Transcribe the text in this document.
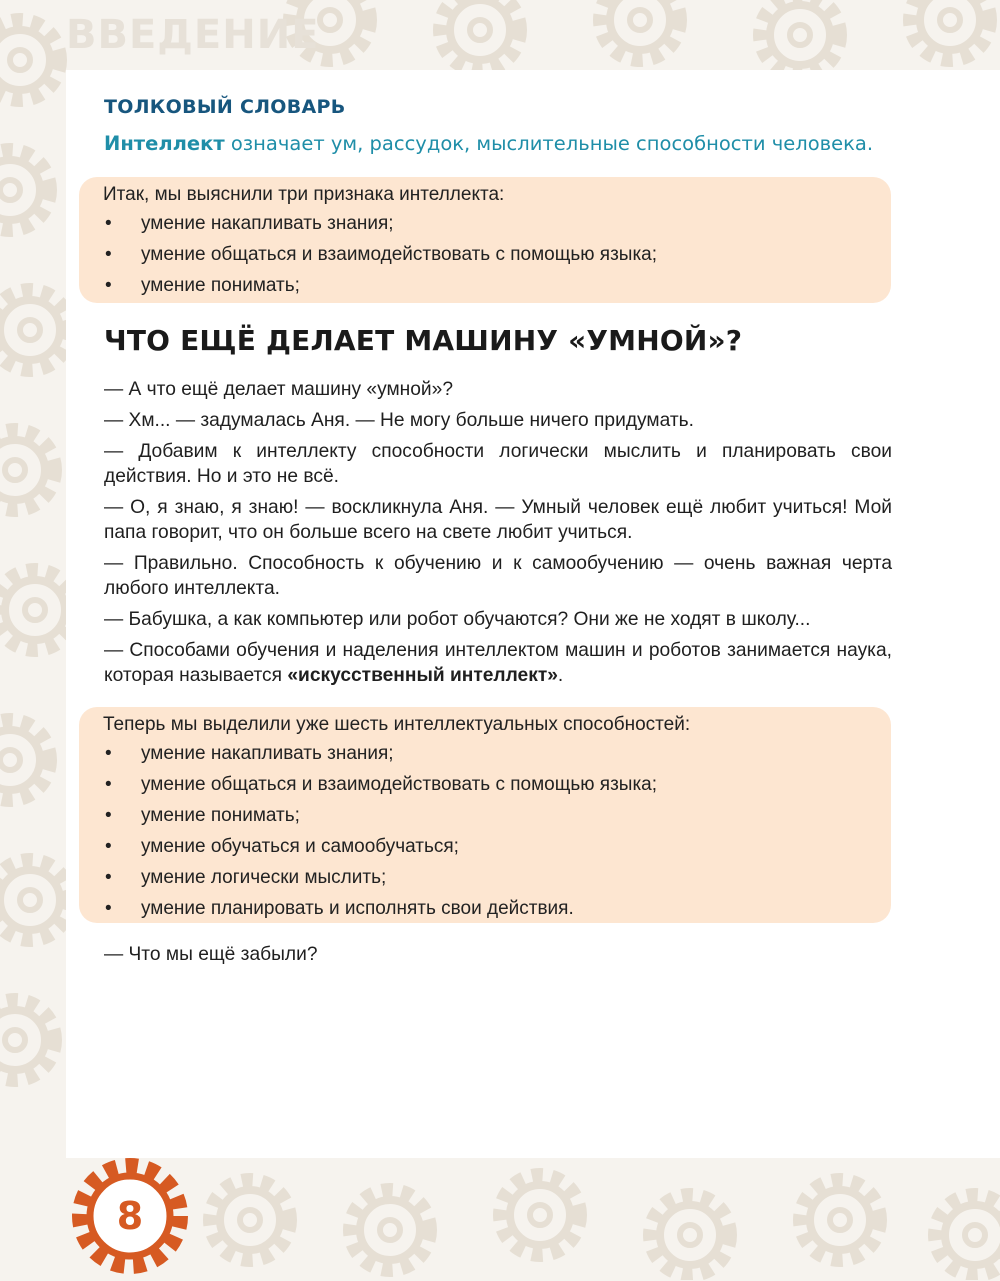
ВВЕДЕНИЕ
ТОЛКОВЫЙ СЛОВАРЬ

Интеллект означает ум, рассудок, мыслительные способности человека.

Итак, мы выяснили три признака интеллекта:

• умение накапливать знания;
• умение общаться и взаимодействовать с помощью языка;
• умение понимать;
ЧТО ЕЩЁ ДЕЛАЕТ МАШИНУ «УМНОЙ»?

— А что ещё делает машину «умной»?

— Хм... — задумалась Аня. — Не могу больше ничего придумать.

— Добавим к интеллекту способности логически мыслить и планировать свои действия. Но и это не всё.

— О, я знаю, я знаю! — воскликнула Аня. — Умный человек ещё любит учиться! Мой папа говорит, что он больше всего на свете любит учиться.

— Правильно. Способность к обучению и к самообучению — очень важная черта любого интеллекта.

— Бабушка, а как компьютер или робот обучаются? Они же не ходят в школу...

— Способами обучения и наделения интеллектом машин и роботов занимается наука, которая называется «искусственный интеллект».

Теперь мы выделили уже шесть интеллектуальных способностей:

• умение накапливать знания;
• умение общаться и взаимодействовать с помощью языка;
• умение понимать;
• умение обучаться и самообучаться;
• умение логически мыслить;
• умение планировать и исполнять свои действия.

— Что мы ещё забыли?

8
